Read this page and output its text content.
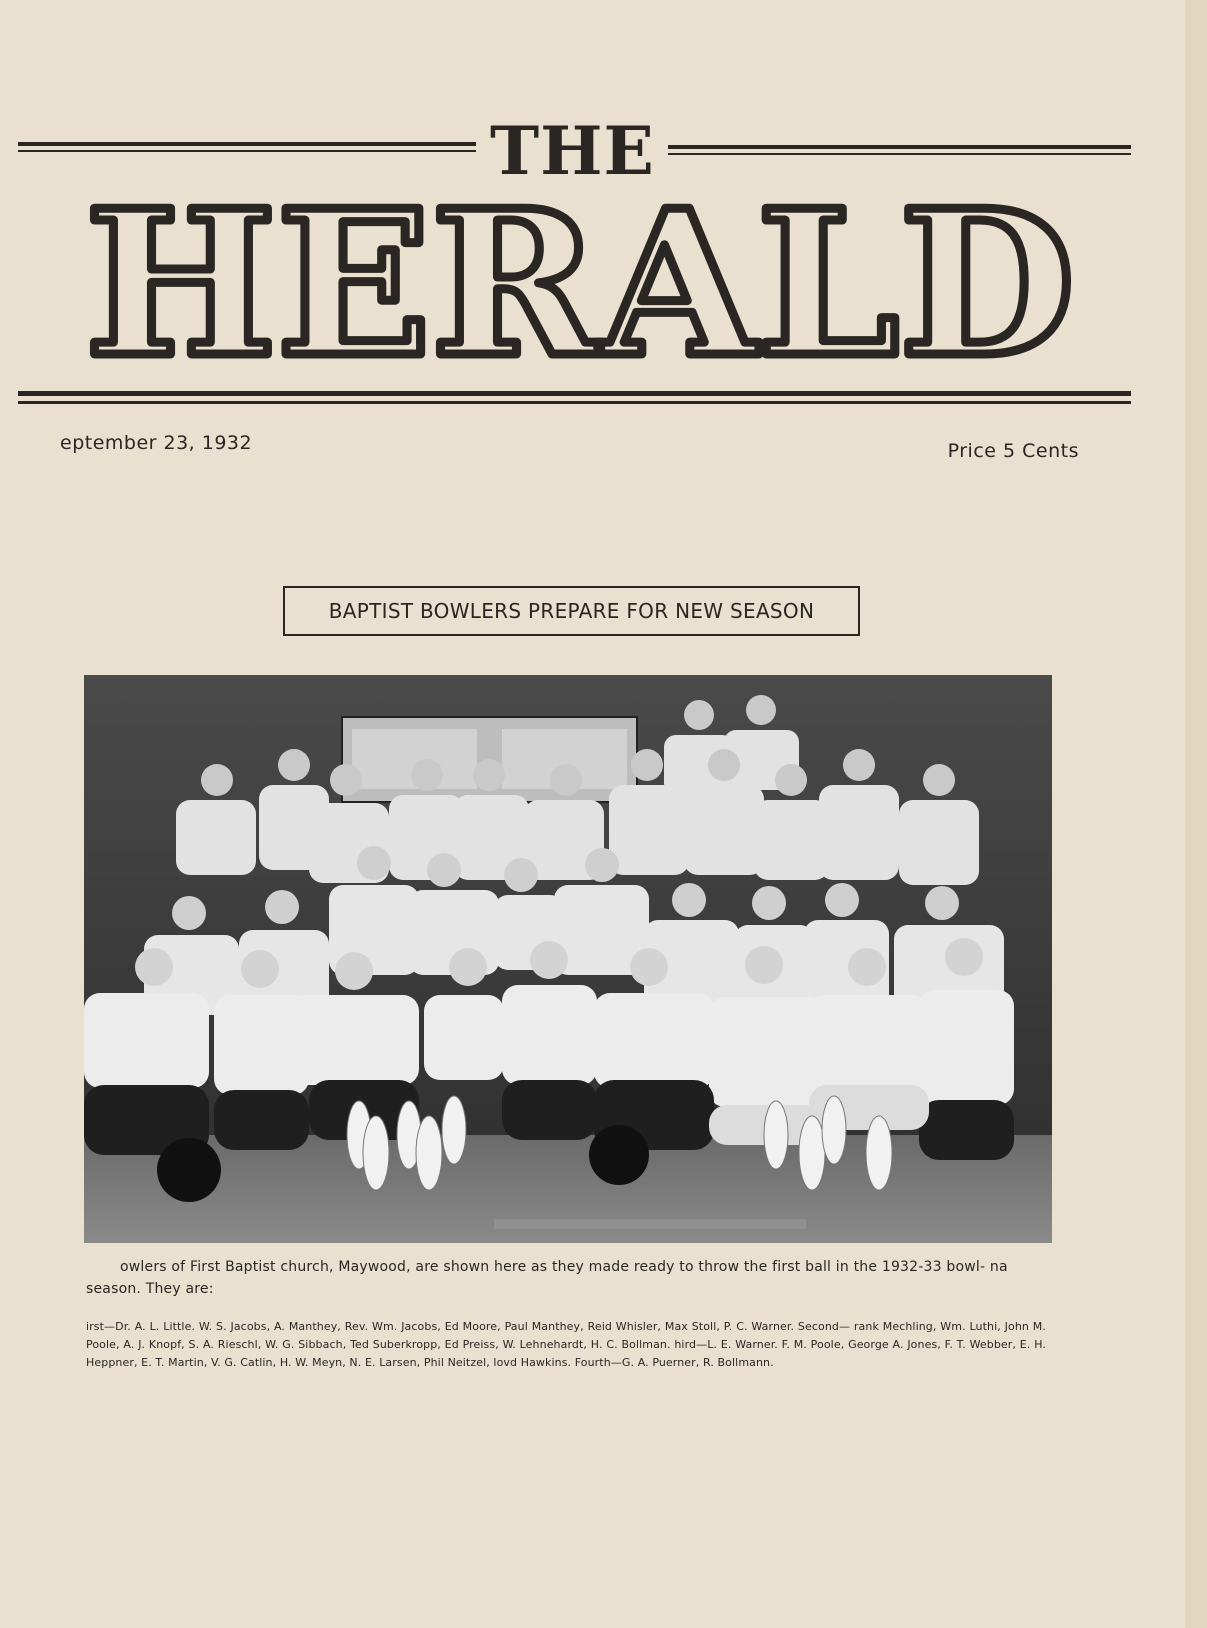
THE
HERALD
eptember 23, 1932	Price 5 Cents
BAPTIST BOWLERS PREPARE FOR NEW SEASON

owlers of First Baptist church, Maywood, are shown here as they made ready to throw the first ball in the 1932-33 bowl- na season. They are:

irst—Dr. A. L. Little. W. S. Jacobs, A. Manthey, Rev. Wm. Jacobs, Ed Moore, Paul Manthey, Reid Whisler, Max Stoll, P. C. Warner. Second— rank Mechling, Wm. Luthi, John M. Poole, A. J. Knopf, S. A. Rieschl, W. G. Sibbach, Ted Suberkropp, Ed Preiss, W. Lehnehardt, H. C. Bollman. hird—L. E. Warner. F. M. Poole, George A. Jones, F. T. Webber, E. H. Heppner, E. T. Martin, V. G. Catlin, H. W. Meyn, N. E. Larsen, Phil Neitzel, lovd Hawkins. Fourth—G. A. Puerner, R. Bollmann.
